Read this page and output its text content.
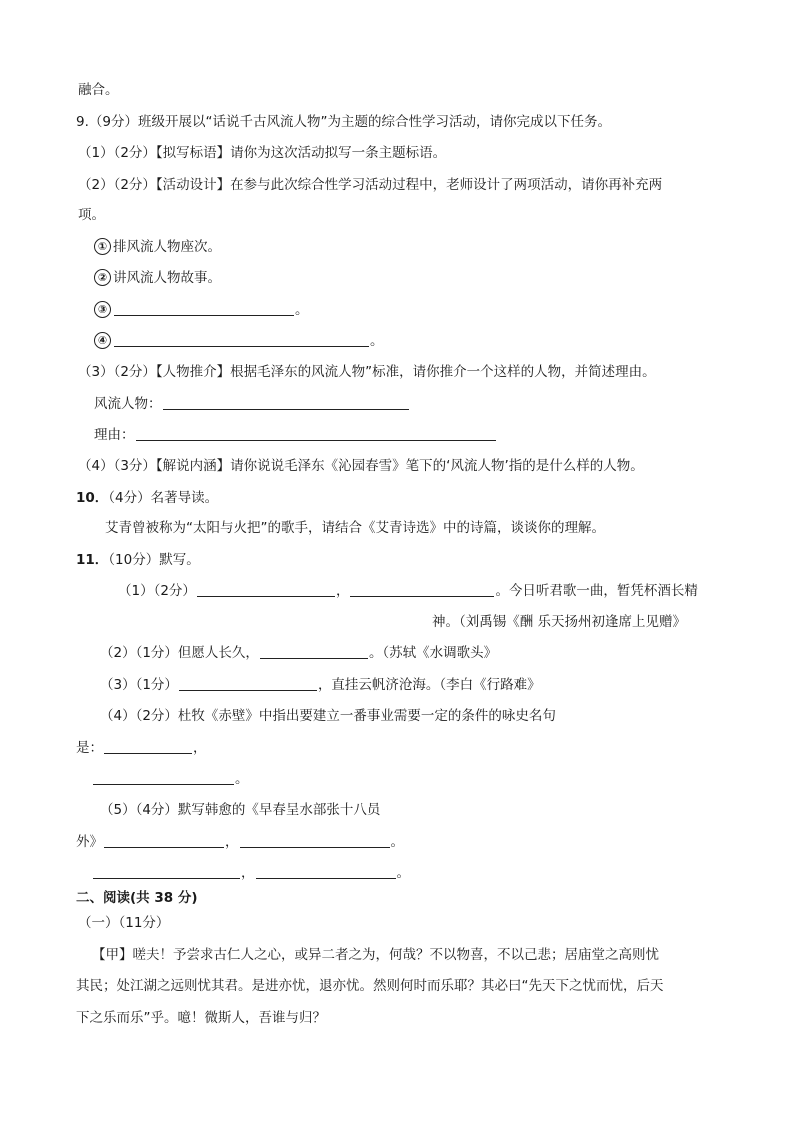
融合。
9.（9分）班级开展以“话说千古风流人物”为主题的综合性学习活动，请你完成以下任务。
（1）（2分）【拟写标语】请你为这次活动拟写一条主题标语。
（2）（2分）【活动设计】在参与此次综合性学习活动过程中，老师设计了两项活动，请你再补充两
项。
① 排风流人物座次。
② 讲风流人物故事。
③	。
④	。
（3）（2分）【人物推介】根据毛泽东的风流人物”标准，请你推介一个这样的人物，并简述理由。
风流人物：
理由：
（4）（3分）【解说内涵】请你说说毛泽东《沁园春雪》笔下的‘风流人物’指的是什么样的人物。
10．（4分）名著导读。
艾青曾被称为“太阳与火把”的歌手，请结合《艾青诗选》中的诗篇，谈谈你的理解。
11．（10分）默写。
（1）（2分）	，	。今日听君歌一曲，暂凭杯酒长精
神。（刘禹锡《酬 乐天扬州初逢席上见赠》
（2）（1分）但愿人长久，	。（苏轼《水调歌头》
（3）（1分）	，直挂云帆济沧海。（李白《行路难》
（4）（2分）杜牧《赤壁》中指出要建立一番事业需要一定的条件的咏史名句
是：	，
。
（5）（4分）默写韩愈的《早春呈水部张十八员
外》	，	。
，	。
二、阅读(共 38 分)
（一）（11分）
【甲】嗟夫！予尝求古仁人之心，或异二者之为，何哉？不以物喜，不以己悲；居庙堂之高则忧
其民；处江湖之远则忧其君。是进亦忧，退亦忧。然则何时而乐耶？其必曰“先天下之忧而忧，后天
下之乐而乐”乎。噫！微斯人，吾谁与归？
